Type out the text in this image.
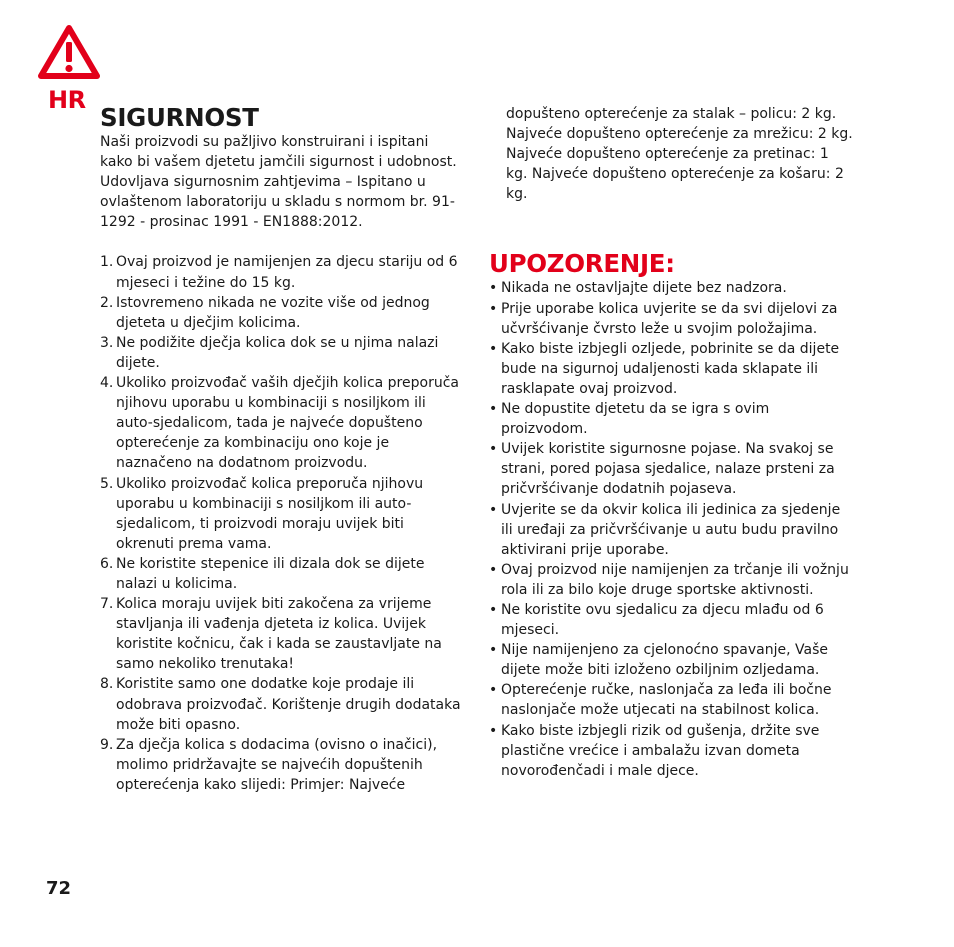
HR
SIGURNOST

Naši proizvodi su pažljivo konstruirani i ispitani kako bi vašem djetetu jamčili sigurnost i udobnost. Udovljava sigurnosnim zahtjevima – Ispitano u ovlaštenom laboratoriju u skladu s normom br. 91-1292 - prosinac 1991 - EN1888:2012.

1. Ovaj proizvod je namijenjen za djecu stariju od 6 mjeseci i težine do 15 kg.
2. Istovremeno nikada ne vozite više od jednog djeteta u dječjim kolicima.
3. Ne podižite dječja kolica dok se u njima nalazi dijete.
4. Ukoliko proizvođač vaših dječjih kolica preporuča njihovu uporabu u kombinaciji s nosiljkom ili auto-sjedalicom, tada je najveće dopušteno opterećenje za kombinaciju ono koje je naznačeno na dodatnom proizvodu.
5. Ukoliko proizvođač kolica preporuča njihovu uporabu u kombinaciji s nosiljkom ili auto-sjedalicom, ti proizvodi moraju uvijek biti okrenuti prema vama.
6. Ne koristite stepenice ili dizala dok se dijete nalazi u kolicima.
7. Kolica moraju uvijek biti zakočena za vrijeme stavljanja ili vađenja djeteta iz kolica. Uvijek koristite kočnicu, čak i kada se zaustavljate na samo nekoliko trenutaka!
8. Koristite samo one dodatke koje prodaje ili odobrava proizvođač. Korištenje drugih dodataka može biti opasno.
9. Za dječja kolica s dodacima (ovisno o inačici), molimo pridržavajte se najvećih dopuštenih opterećenja kako slijedi: Primjer: Najveće

dopušteno opterećenje za stalak – policu: 2 kg. Najveće dopušteno opterećenje za mrežicu: 2 kg. Najveće dopušteno opterećenje za pretinac: 1 kg. Najveće dopušteno opterećenje za košaru: 2 kg.

UPOZORENJE:
• Nikada ne ostavljajte dijete bez nadzora.
• Prije uporabe kolica uvjerite se da svi dijelovi za učvršćivanje čvrsto leže u svojim položajima.
• Kako biste izbjegli ozljede, pobrinite se da dijete bude na sigurnoj udaljenosti kada sklapate ili rasklapate ovaj proizvod.
• Ne dopustite djetetu da se igra s ovim proizvodom.
• Uvijek koristite sigurnosne pojase. Na svakoj se strani, pored pojasa sjedalice, nalaze prsteni za pričvršćivanje dodatnih pojaseva.
• Uvjerite se da okvir kolica ili jedinica za sjedenje ili uređaji za pričvršćivanje u autu budu pravilno aktivirani prije uporabe.
• Ovaj proizvod nije namijenjen za trčanje ili vožnju rola ili za bilo koje druge sportske aktivnosti.
• Ne koristite ovu sjedalicu za djecu mlađu od 6 mjeseci.
• Nije namijenjeno za cjelonoćno spavanje, Vaše dijete može biti izloženo ozbiljnim ozljedama.
• Opterećenje ručke, naslonjača za leđa ili bočne naslonjače može utjecati na stabilnost kolica.
• Kako biste izbjegli rizik od gušenja, držite sve plastične vrećice i ambalažu izvan dometa novorođenčadi i male djece.
72
